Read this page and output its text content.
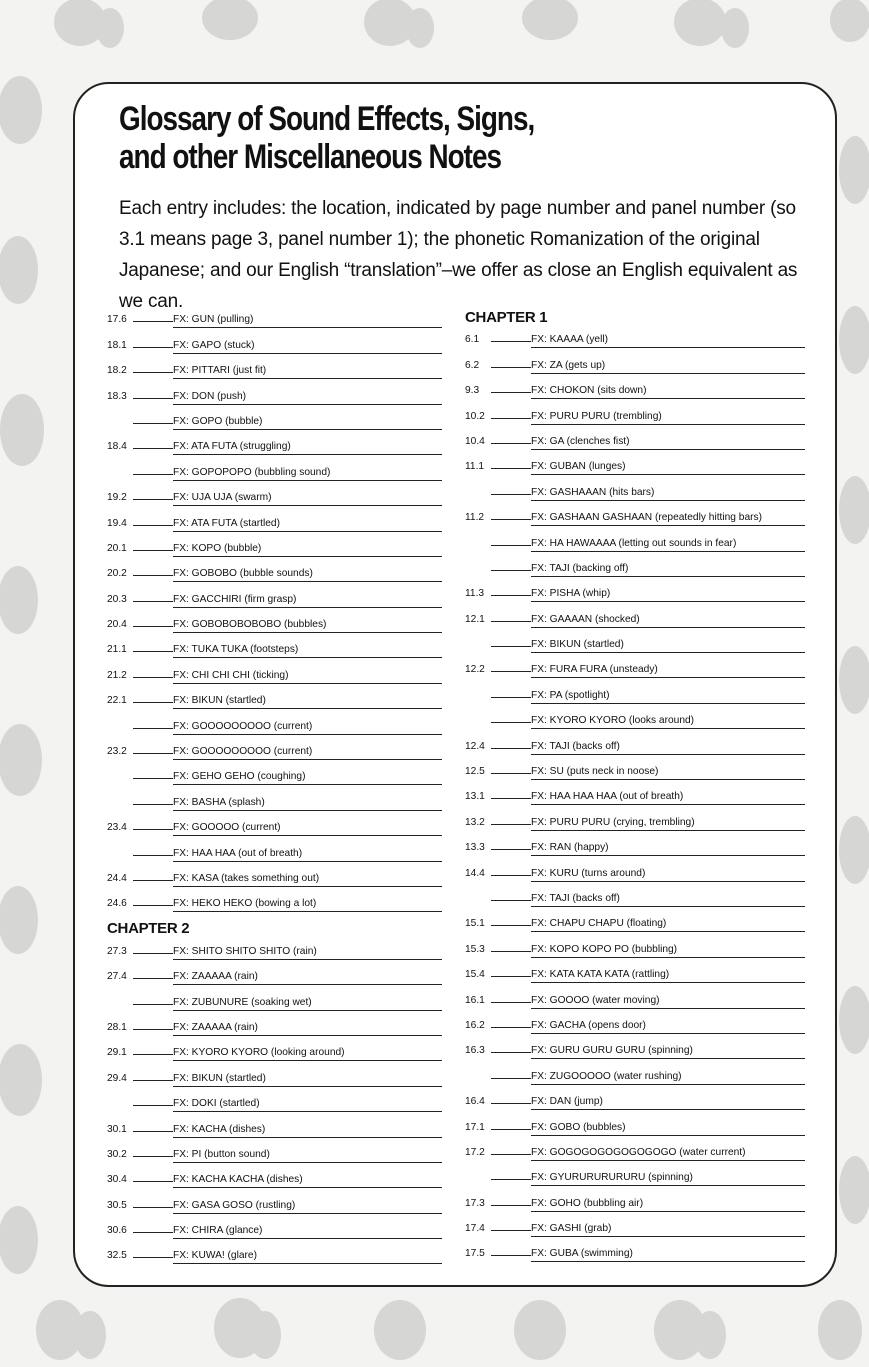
Glossary of Sound Effects, Signs,
and other Miscellaneous Notes
Each entry includes: the location, indicated by page number and panel number (so 3.1 means page 3, panel number 1); the phonetic Romanization of the original Japanese; and our English “translation”–we offer as close an English equivalent as we can.
17.6	FX: GUN (pulling)
18.1	FX: GAPO (stuck)
18.2	FX: PITTARI (just fit)
18.3	FX: DON (push)
FX: GOPO (bubble)
18.4	FX: ATA FUTA (struggling)
FX: GOPOPOPO (bubbling sound)
19.2	FX: UJA UJA (swarm)
19.4	FX: ATA FUTA (startled)
20.1	FX: KOPO (bubble)
20.2	FX: GOBOBO (bubble sounds)
20.3	FX: GACCHIRI (firm grasp)
20.4	FX: GOBOBOBOBOBO (bubbles)
21.1	FX: TUKA TUKA (footsteps)
21.2	FX: CHI CHI CHI (ticking)
22.1	FX: BIKUN (startled)
FX: GOOOOOOOOO (current)
23.2	FX: GOOOOOOOOO (current)
FX: GEHO GEHO (coughing)
FX: BASHA (splash)
23.4	FX: GOOOOO (current)
FX: HAA HAA (out of breath)
24.4	FX: KASA (takes something out)
24.6	FX: HEKO HEKO (bowing a lot)
CHAPTER 2
27.3	FX: SHITO SHITO SHITO (rain)
27.4	FX: ZAAAAA (rain)
FX: ZUBUNURE (soaking wet)
28.1	FX: ZAAAAA (rain)
29.1	FX: KYORO KYORO (looking around)
29.4	FX: BIKUN (startled)
FX: DOKI (startled)
30.1	FX: KACHA (dishes)
30.2	FX: PI (button sound)
30.4	FX: KACHA KACHA (dishes)
30.5	FX: GASA GOSO (rustling)
30.6	FX: CHIRA (glance)
32.5	FX: KUWA! (glare)
CHAPTER 1
6.1	FX: KAAAA (yell)
6.2	FX: ZA (gets up)
9.3	FX: CHOKON (sits down)
10.2	FX: PURU PURU (trembling)
10.4	FX: GA (clenches fist)
11.1	FX: GUBAN (lunges)
FX: GASHAAAN (hits bars)
11.2	FX: GASHAAN GASHAAN (repeatedly hitting bars)
FX: HA HAWAAAA (letting out sounds in fear)
FX: TAJI (backing off)
11.3	FX: PISHA (whip)
12.1	FX: GAAAAN (shocked)
FX: BIKUN (startled)
12.2	FX: FURA FURA (unsteady)
FX: PA (spotlight)
FX: KYORO KYORO (looks around)
12.4	FX: TAJI (backs off)
12.5	FX: SU (puts neck in noose)
13.1	FX: HAA HAA HAA (out of breath)
13.2	FX: PURU PURU (crying, trembling)
13.3	FX: RAN (happy)
14.4	FX: KURU (turns around)
FX: TAJI (backs off)
15.1	FX: CHAPU CHAPU (floating)
15.3	FX: KOPO KOPO PO (bubbling)
15.4	FX: KATA KATA KATA (rattling)
16.1	FX: GOOOO (water moving)
16.2	FX: GACHA (opens door)
16.3	FX: GURU GURU GURU (spinning)
FX: ZUGOOOOO (water rushing)
16.4	FX: DAN (jump)
17.1	FX: GOBO (bubbles)
17.2	FX: GOGOGOGOGOGOGOGO (water current)
FX: GYURURURURURU (spinning)
17.3	FX: GOHO (bubbling air)
17.4	FX: GASHI (grab)
17.5	FX: GUBA (swimming)
